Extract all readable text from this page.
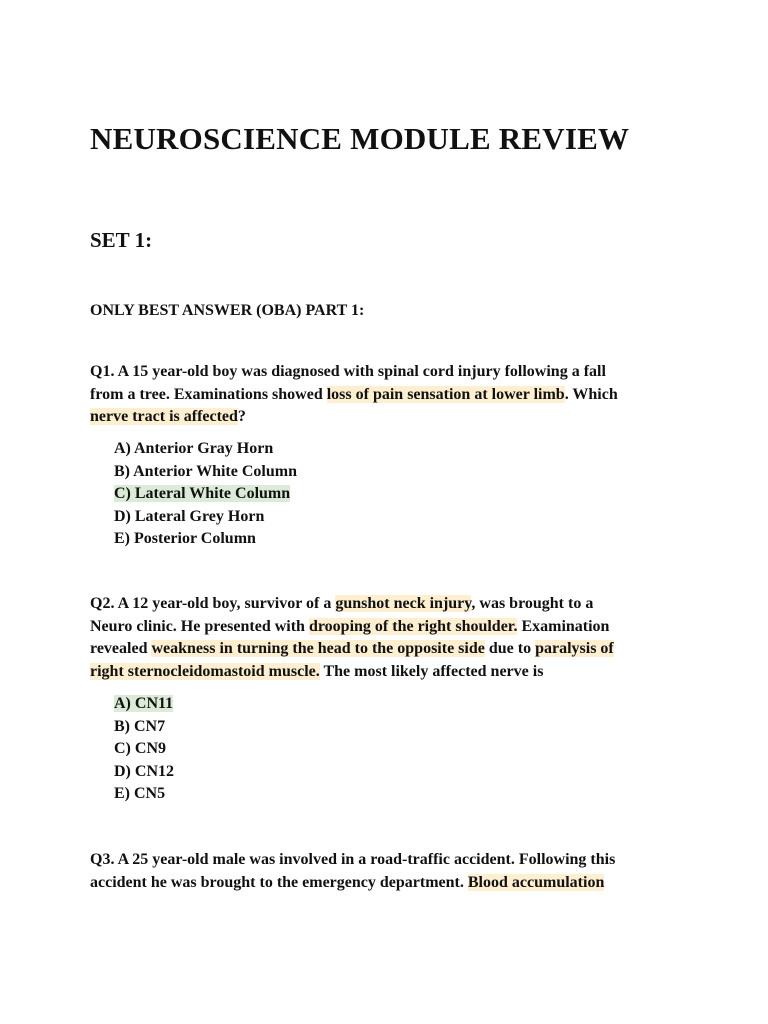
NEUROSCIENCE MODULE REVIEW
SET 1:
ONLY BEST ANSWER (OBA) PART 1:

Q1. A 15 year-old boy was diagnosed with spinal cord injury following a fall
from a tree. Examinations showed loss of pain sensation at lower limb. Which
nerve tract is affected?

A) Anterior Gray Horn
B) Anterior White Column
C) Lateral White Column
D) Lateral Grey Horn
E) Posterior Column

Q2. A 12 year-old boy, survivor of a gunshot neck injury, was brought to a
Neuro clinic. He presented with drooping of the right shoulder. Examination
revealed weakness in turning the head to the opposite side due to paralysis of
right sternocleidomastoid muscle. The most likely affected nerve is

A) CN11
B) CN7
C) CN9
D) CN12
E) CN5

Q3. A 25 year-old male was involved in a road-traffic accident. Following this
accident he was brought to the emergency department. Blood accumulation
